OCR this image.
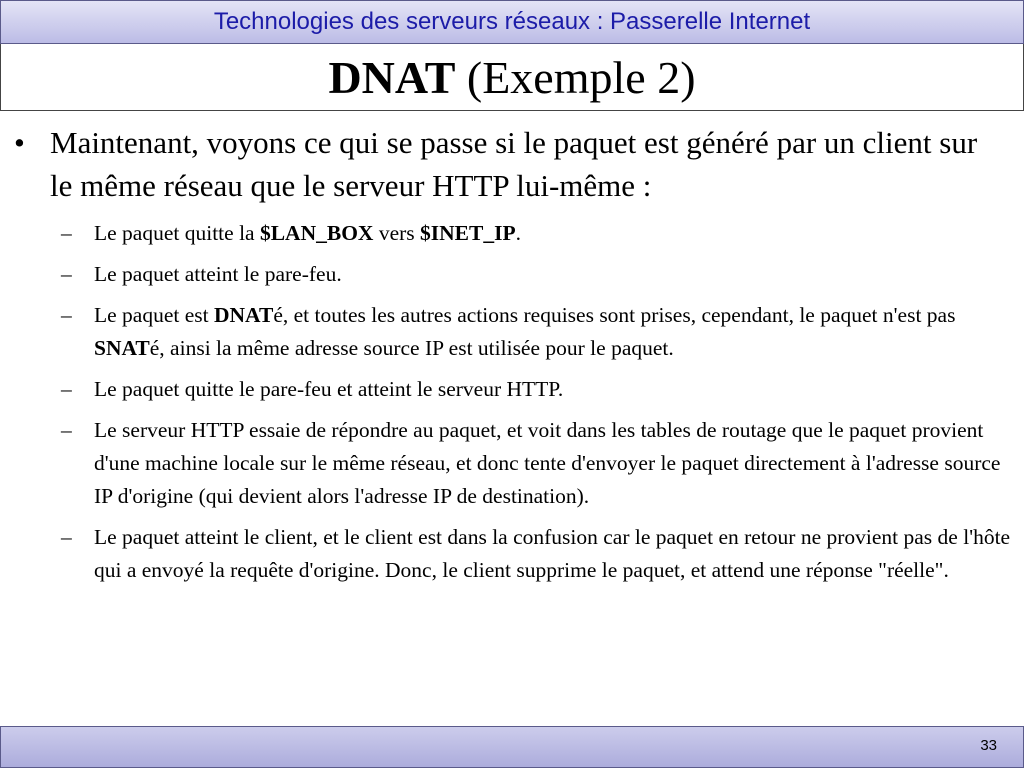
Technologies des serveurs réseaux : Passerelle Internet
DNAT (Exemple 2)
• Maintenant, voyons ce qui se passe si le paquet est généré par un client sur le même réseau que le serveur HTTP lui-même :
– Le paquet quitte la $LAN_BOX vers $INET_IP.
– Le paquet atteint le pare-feu.
– Le paquet est DNATé, et toutes les autres actions requises sont prises, cependant, le paquet n'est pas SNATé, ainsi la même adresse source IP est utilisée pour le paquet.
– Le paquet quitte le pare-feu et atteint le serveur HTTP.
– Le serveur HTTP essaie de répondre au paquet, et voit dans les tables de routage que le paquet provient d'une machine locale sur le même réseau, et donc tente d'envoyer le paquet directement à l'adresse source IP d'origine (qui devient alors l'adresse IP de destination).
– Le paquet atteint le client, et le client est dans la confusion car le paquet en retour ne provient pas de l'hôte qui a envoyé la requête d'origine. Donc, le client supprime le paquet, et attend une réponse "réelle".
33
